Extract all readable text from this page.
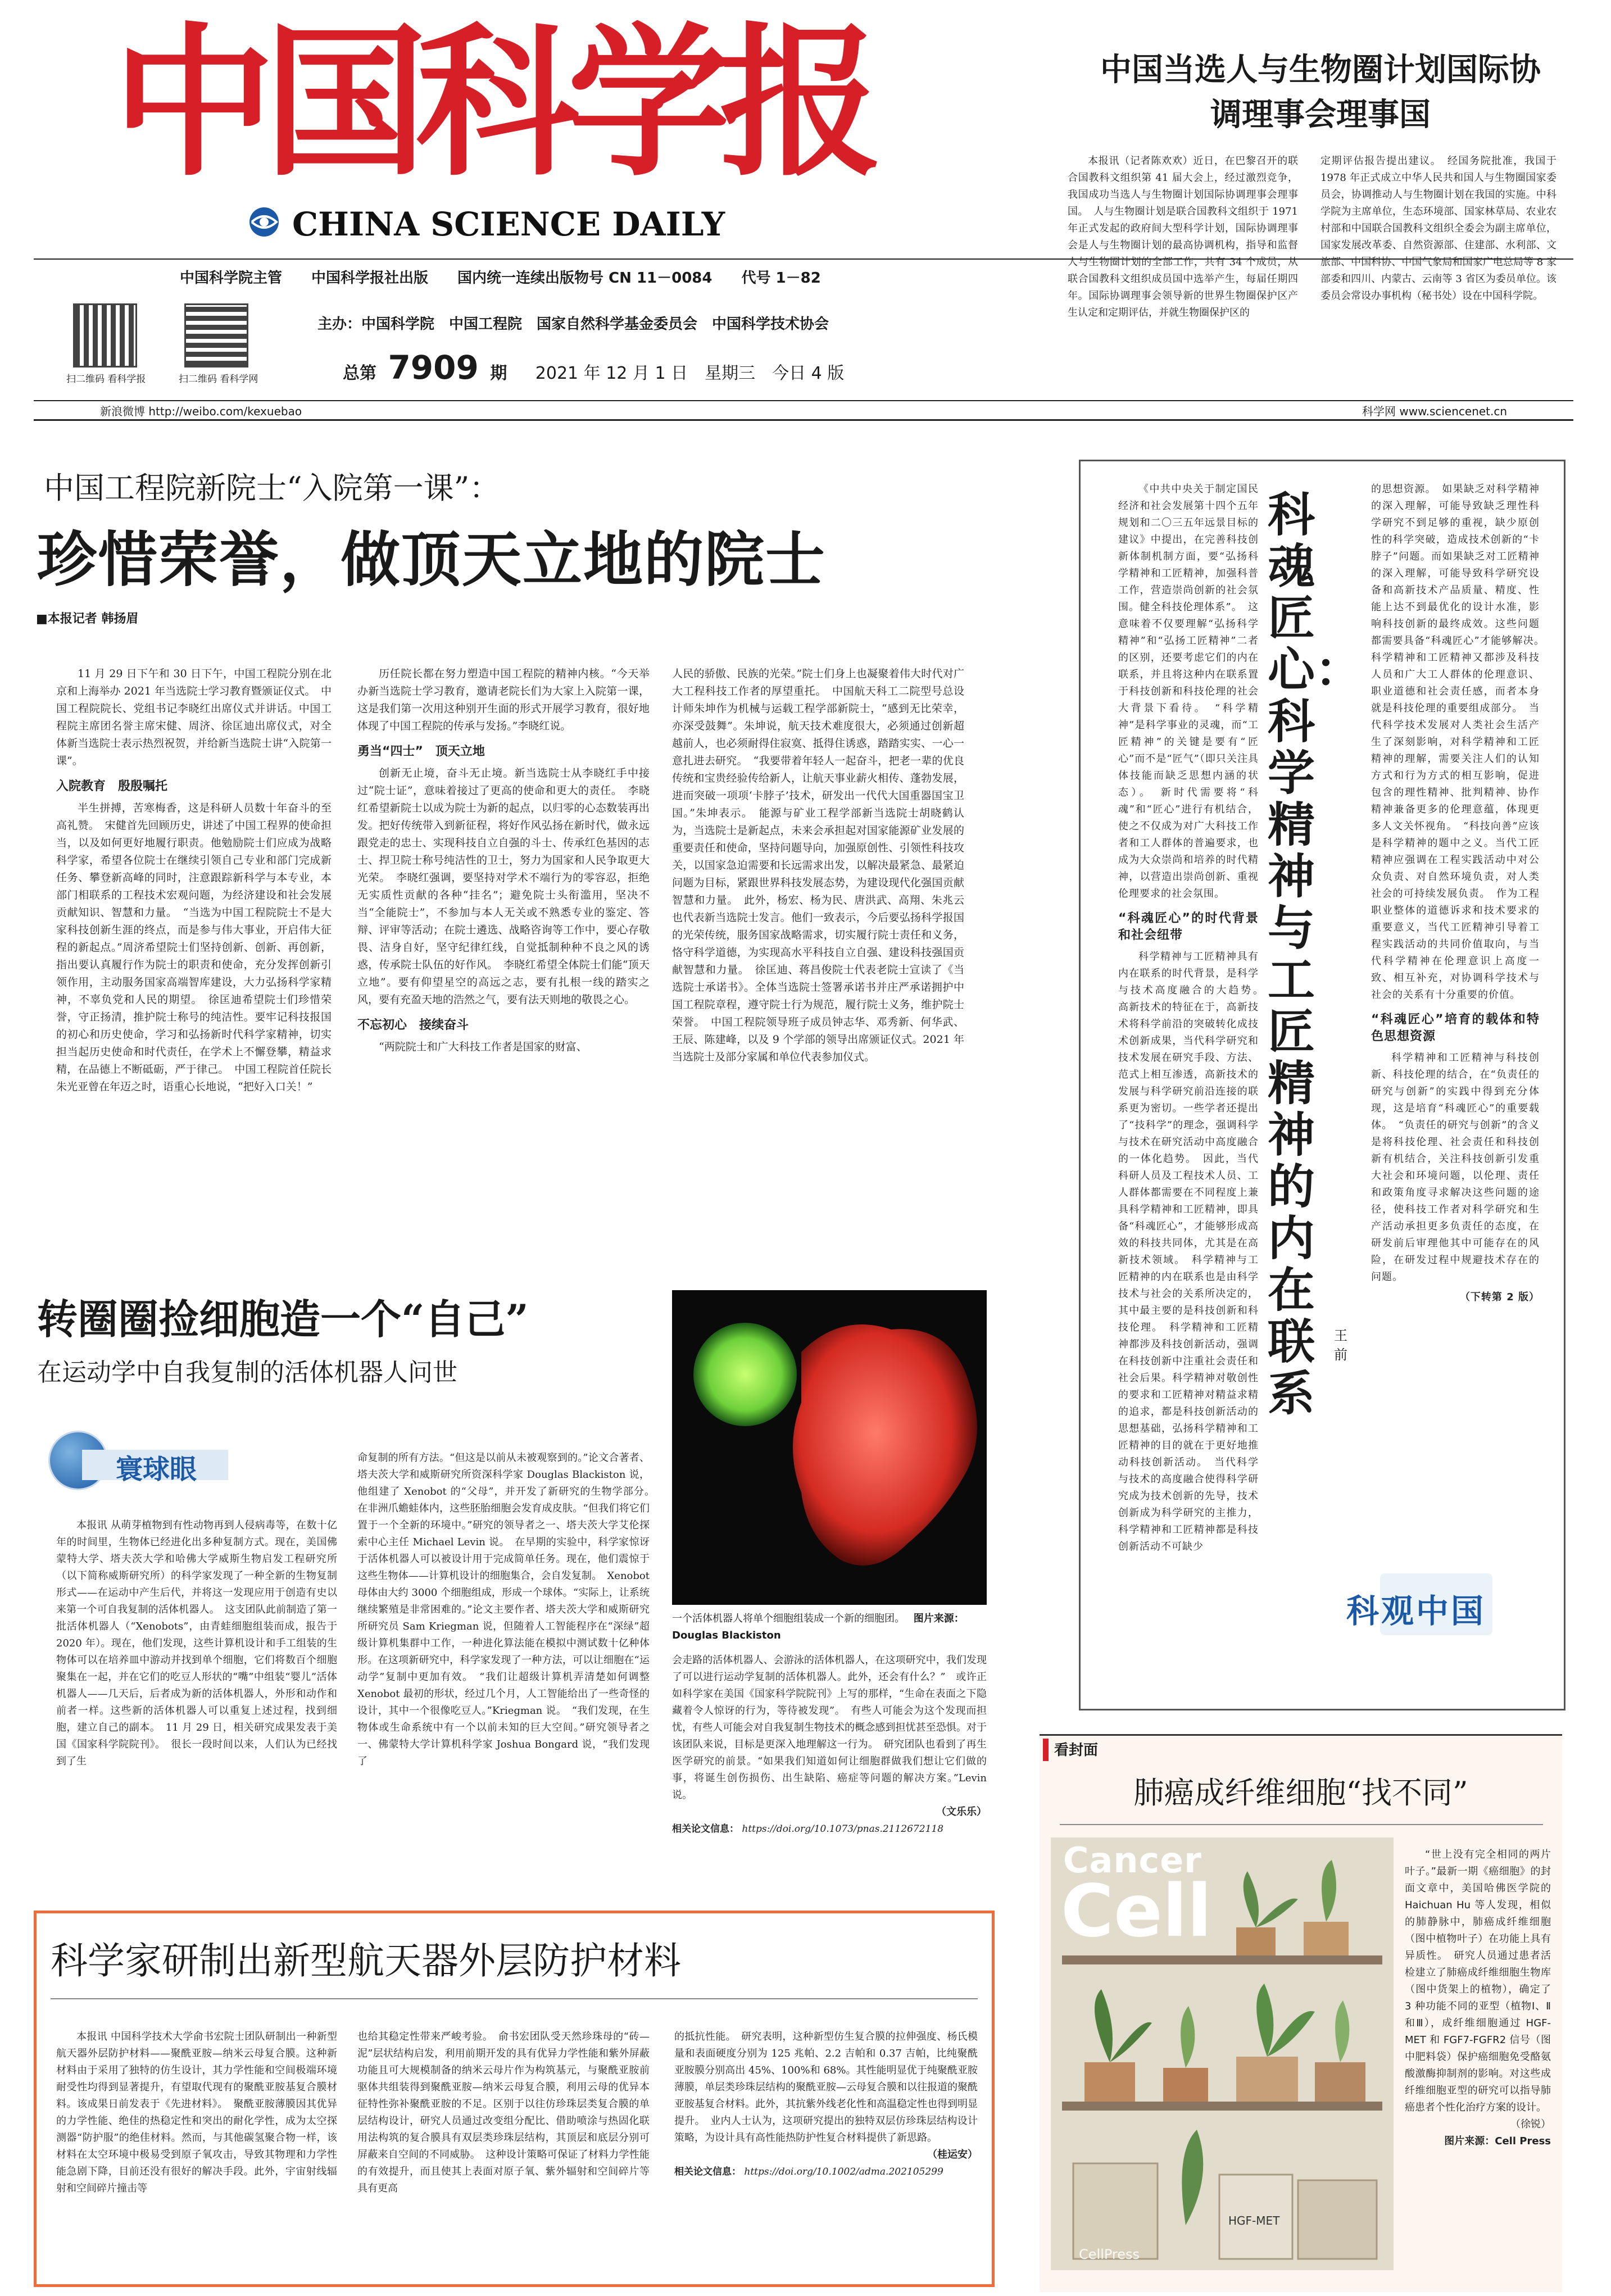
中国科学报
CHINA SCIENCE DAILY
中国科学院主管　　中国科学报社出版　　国内统一连续出版物号 CN 11－0084　　代号 1－82
扫二维码 看科学报	扫二维码 看科学网
主办：中国科学院　中国工程院　国家自然科学基金委员会　中国科学技术协会
总第 7909 期 2021 年 12 月 1 日　星期三　今日 4 版
新浪微博 http://weibo.com/kexuebao	科学网 www.sciencenet.cn
中国当选人与生物圈计划国际协调理事会理事国

本报讯（记者陈欢欢）近日，在巴黎召开的联合国教科文组织第 41 届大会上，经过激烈竞争，我国成功当选人与生物圈计划国际协调理事会理事国。　人与生物圈计划是联合国教科文组织于 1971 年正式发起的政府间大型科学计划，国际协调理事会是人与生物圈计划的最高协调机构，指导和监督人与生物圈计划的全部工作，共有 34 个成员，从联合国教科文组织成员国中选举产生，每届任期四年。国际协调理事会领导新的世界生物圈保护区产生认定和定期评估，并就生物圈保护区的

定期评估报告提出建议。　经国务院批准，我国于 1978 年正式成立中华人民共和国人与生物圈国家委员会，协调推动人与生物圈计划在我国的实施。中科学院为主席单位，生态环境部、国家林草局、农业农村部和中国联合国教科文组织全委会为副主席单位，国家发展改革委、自然资源部、住建部、水利部、文旅部、中国科协、中国气象局和国家广电总局等 8 家部委和四川、内蒙古、云南等 3 省区为委员单位。该委员会常设办事机构（秘书处）设在中国科学院。

中国工程院新院士“入院第一课”：
珍惜荣誉，做顶天立地的院士
■本报记者 韩扬眉

11 月 29 日下午和 30 日下午，中国工程院分别在北京和上海举办 2021 年当选院士学习教育暨颁证仪式。　中国工程院院长、党组书记李晓红出席仪式并讲话。中国工程院主席团名誉主席宋健、周济、徐匡迪出席仪式，对全体新当选院士表示热烈祝贺，并给新当选院士讲“入院第一课”。

入院教育　殷殷嘱托

半生拼搏，苦寒梅香，这是科研人员数十年奋斗的至高礼赞。　宋健首先回顾历史，讲述了中国工程界的使命担当，以及如何更好地履行职责。他勉励院士们应成为战略科学家，希望各位院士在继续引领自己专业和部门完成新任务、攀登新高峰的同时，注意跟踪新科学与本专业，本部门相联系的工程技术宏观问题，为经济建设和社会发展贡献知识、智慧和力量。　“当选为中国工程院院士不是大家科技创新生涯的终点，而是参与伟大事业，开启伟大征程的新起点。”周济希望院士们坚持创新、创新、再创新，指出要认真履行作为院士的职责和使命，充分发挥创新引领作用，主动服务国家高端智库建设，大力弘扬科学家精神，不辜负党和人民的期望。　徐匡迪希望院士们珍惜荣誉，守正扬清，推护院士称号的纯洁性。要牢记科技报国的初心和历史使命，学习和弘扬新时代科学家精神，切实担当起历史使命和时代责任，在学术上不懈登攀，精益求精，在品德上不断砥砺，严于律己。　中国工程院首任院长朱光亚曾在年迈之时，语重心长地说，“把好入口关！”

历任院长都在努力塑造中国工程院的精神内核。“今天举办新当选院士学习教育，邀请老院长们为大家上入院第一课，这是我们第一次用这种别开生面的形式开展学习教育，很好地体现了中国工程院的传承与发扬。”李晓红说。

勇当“四士”　顶天立地

创新无止境，奋斗无止境。新当选院士从李晓红手中接过“院士证”，意味着接过了更高的使命和更大的责任。　李晓红希望新院士以成为院士为新的起点，以归零的心态数装再出发。把好传统带入到新征程，将好作风弘扬在新时代，做永远跟党走的忠士、实现科技自立自强的斗士、传承红色基因的志士、捍卫院士称号纯洁性的卫士，努力为国家和人民争取更大光荣。　李晓红强调，要坚持对学术不端行为的零容忍，拒绝无实质性贡献的各种“挂名”；避免院士头衔滥用，坚决不当“全能院士”，不参加与本人无关或不熟悉专业的鉴定、答辩、评审等活动；在院士遴选、战略咨询等工作中，要心存敬畏、洁身自好，坚守纪律红线，自觉抵制种种不良之风的诱惑，传承院士队伍的好作风。　李晓红希望全体院士们能“顶天立地”。要有仰望星空的高远之志，要有扎根一线的踏实之风，要有充盈天地的浩然之气，要有法天则地的敬畏之心。

不忘初心　接续奋斗

“两院院士和广大科技工作者是国家的财富、

人民的骄傲、民族的光荣。”院士们身上也凝聚着伟大时代对广大工程科技工作者的厚望重托。　中国航天科工二院型号总设计师朱坤作为机械与运载工程学部新院士，“感到无比荣幸，亦深受鼓舞”。朱坤说，航天技术难度很大，必须通过创新超越前人，也必须耐得住寂寞、抵得住诱惑，踏踏实实、一心一意扎进去研究。　“我要带着年轻人一起奋斗，把老一辈的优良传统和宝贵经验传给新人，让航天事业薪火相传、蓬勃发展，进而突破一项项‘卡脖子’技术，研发出一代代大国重器国宝卫国。”朱坤表示。　能源与矿业工程学部新当选院士胡晓鹤认为，当选院士是新起点，未来会承担起对国家能源矿业发展的重要责任和使命，坚持问题导向，加强原创性、引领性科技攻关，以国家急迫需要和长远需求出发，以解决最紧急、最紧迫问题为目标，紧跟世界科技发展态势，为建设现代化强国贡献智慧和力量。　此外，杨宏、杨为民、唐洪武、高翔、朱兆云也代表新当选院士发言。他们一致表示，今后要弘扬科学报国的光荣传统，服务国家战略需求，切实履行院士责任和义务，恪守科学道德，为实现高水平科技自立自强、建设科技强国贡献智慧和力量。　徐匡迪、蒋昌俊院士代表老院士宣读了《当选院士承诺书》。全体当选院士签署承诺书并庄严承诺拥护中国工程院章程，遵守院士行为规范，履行院士义务，维护院士荣誉。　中国工程院领导班子成员钟志华、邓秀新、何华武、王辰、陈建峰，以及 9 个学部的领导出席颁证仪式。2021 年当选院士及部分家属和单位代表参加仪式。

科魂匠心：科学精神与工匠精神的内在联系
王前

《中共中央关于制定国民经济和社会发展第十四个五年规划和二〇三五年远景目标的建议》中提出，在完善科技创新体制机制方面，要“弘扬科学精神和工匠精神，加强科普工作，营造崇尚创新的社会氛围。健全科技伦理体系”。　这意味着不仅要理解“弘扬科学精神”和“弘扬工匠精神”二者的区别，还要考虑它们的内在联系，并且将这种内在联系置于科技创新和科技伦理的社会大背景下看待。　“科学精神”是科学事业的灵魂，而“工匠精神”的关键是要有“匠心”而不是“匠气”（即只关注具体技能而缺乏思想内涵的状态）。　新时代需要将“科魂”和“匠心”进行有机结合，使之不仅成为对广大科技工作者和工人群体的普遍要求，也成为大众崇尚和培养的时代精神，以营造出崇尚创新、重视伦理要求的社会氛围。

“科魂匠心”的时代背景和社会纽带

科学精神与工匠精神具有内在联系的时代背景，是科学与技术高度融合的大趋势。　高新技术的特征在于，高新技术将科学前沿的突破转化成技术创新成果，当代科学研究和技术发展在研究手段、方法、范式上相互渗透，高新技术的发展与科学研究前沿连接的联系更为密切。一些学者还提出了“技科学”的理念，强调科学与技术在研究活动中高度融合的一体化趋势。　因此，当代科研人员及工程技术人员、工人群体都需要在不同程度上兼具科学精神和工匠精神，即具备“科魂匠心”，才能够形成高效的科技共同体，尤其是在高新技术领域。　科学精神与工匠精神的内在联系也是由科学技术与社会的关系所决定的，其中最主要的是科技创新和科技伦理。　科学精神和工匠精神都涉及科技创新活动，强调在科技创新中注重社会责任和社会后果。科学精神对敬创性的要求和工匠精神对精益求精的追求，都是科技创新活动的思想基础，弘扬科学精神和工匠精神的目的就在于更好地推动科技创新活动。　当代科学与技术的高度融合使得科学研究成为技术创新的先导，技术创新成为科学研究的主推力，科学精神和工匠精神都是科技创新活动不可缺少

的思想资源。　如果缺乏对科学精神的深入理解，可能导致缺乏理性科学研究不到足够的重视，缺少原创性的科学突破，造成技术创新的“卡脖子”问题。而如果缺乏对工匠精神的深入理解，可能导致科学研究设备和高新技术产品质量、精度、性能上达不到最优化的设计水准，影响科技创新的最终成效。这些问题都需要具备“科魂匠心”才能够解决。　科学精神和工匠精神又都涉及科技人员和广大工人群体的伦理意识、职业道德和社会责任感，而者本身就是科技伦理的重要组成部分。　当代科学技术发展对人类社会生活产生了深刻影响，对科学精神和工匠精神的理解，需要关注人们的认知方式和行为方式的相互影响，促进包含的理性精神、批判精神、协作精神兼备更多的伦理意蕴，体现更多人文关怀视角。　“科技向善”应该是科学精神的题中之义。当代工匠精神应强调在工程实践活动中对公众负责、对自然环境负责，对人类社会的可持续发展负责。　作为工程职业整体的道德诉求和技术要求的重要意义，当代工匠精神引导着工程实践活动的共同价值取向，与当代科学精神在伦理意识上高度一致、相互补充，对协调科学技术与社会的关系有十分重要的价值。

“科魂匠心”培育的载体和特色思想资源

科学精神和工匠精神与科技创新、科技伦理的结合，在“负责任的研究与创新”的实践中得到充分体现，这是培育“科魂匠心”的重要载体。　“负责任的研究与创新”的含义是将科技伦理、社会责任和科技创新有机结合，关注科技创新引发重大社会和环境问题，以伦理、责任和政策角度寻求解决这些问题的途径，使科技工作者对科学研究和生产活动承担更多负责任的态度，在研发前后审理他其中可能存在的风险，在研发过程中规避技术存在的问题。

（下转第 2 版）
科观中国
转圈圈捡细胞造一个“自己”
在运动学中自我复制的活体机器人问世
寰球眼

本报讯 从萌芽植物到有性动物再到人侵病毒等，在数十亿年的时间里，生物体已经进化出多种复制方式。现在，美国佛蒙特大学、塔夫茨大学和哈佛大学威斯生物启发工程研究所（以下简称威斯研究所）的科学家发现了一种全新的生物复制形式——在运动中产生后代，并将这一发现应用于创造有史以来第一个可自我复制的活体机器人。　这支团队此前制造了第一批活体机器人（“Xenobots”，由青蛙细胞组装而成，报告于 2020 年）。现在，他们发现，这些计算机设计和手工组装的生物体可以在培养皿中游动并找到单个细胞，它们将数百个细胞聚集在一起，并在它们的吃豆人形状的“嘴”中组装“婴儿”活体机器人——几天后，后者成为新的活体机器人，外形和动作和前者一样。这些新的活体机器人可以重复上述过程，找到细胞，建立自己的副本。　11 月 29 日，相关研究成果发表于美国《国家科学院院刊》。　很长一段时间以来，人们认为已经找到了生

命复制的所有方法。“但这是以前从未被观察到的。”论文合著者、塔夫茨大学和威斯研究所资深科学家 Douglas Blackiston 说，他组建了 Xenobot 的“父母”，并开发了新研究的生物学部分。　在非洲爪蟾蛙体内，这些胚胎细胞会发育成皮肤。“但我们将它们置于一个全新的环境中。”研究的领导者之一、塔夫茨大学艾伦探索中心主任 Michael Levin 说。　在早期的实验中，科学家惊讶于活体机器人可以被设计用于完成简单任务。现在，他们震惊于这些生物体——计算机设计的细胞集合，会自发复制。　Xenobot 母体由大约 3000 个细胞组成，形成一个球体。“实际上，让系统继续繁殖是非常困难的。”论文主要作者、塔夫茨大学和威斯研究所研究员 Sam Kriegman 说，但随着人工智能程序在“深绿”超级计算机集群中工作，一种进化算法能在模拟中测试数十亿种体形。在这项新研究中，科学家发现了一种方法，可以让细胞在“运动学”复制中更加有效。　“我们让超级计算机弄清楚如何调整 Xenobot 最初的形状，经过几个月，人工智能给出了一些奇怪的设计，其中一个很像吃豆人。”Kriegman 说。　“我们发现，在生物体或生命系统中有一个以前未知的巨大空间。”研究领导者之一、佛蒙特大学计算机科学家 Joshua Bongard 说，“我们发现了

一个活体机器人将单个细胞组装成一个新的细胞团。 图片来源：Douglas Blackiston

会走路的活体机器人、会游泳的活体机器人，在这项研究中，我们发现了可以进行运动学复制的活体机器人。此外，还会有什么？”　或许正如科学家在美国《国家科学院院刊》上写的那样，“生命在表面之下隐藏着令人惊讶的行为，等待被发现”。　有些人可能会为这个发现而担忧，有些人可能会对自我复制生物技术的概念感到担忧甚至恐惧。对于该团队来说，目标是更深入地理解这一行为。　研究团队也看到了再生医学研究的前景。“如果我们知道如何让细胞群做我们想让它们做的事，将诞生创伤损伤、出生缺陷、癌症等问题的解决方案。”Levin 说。

（文乐乐）
相关论文信息： https://doi.org/10.1073/pnas.2112672118
科学家研制出新型航天器外层防护材料

本报讯 中国科学技术大学俞书宏院士团队研制出一种新型航天器外层防护材料——聚酰亚胺—纳米云母复合膜。这种新材料由于采用了独特的仿生设计，其力学性能和空间极端环境耐受性均得到显著提升，有望取代现有的聚酰亚胺基复合膜材料。该成果日前发表于《先进材料》。　聚酰亚胺薄膜因其优异的力学性能、绝佳的热稳定性和突出的耐化学性，成为太空探测器“防护服”的绝佳材料。然而，与其他碳氢聚合物一样，该材料在太空环境中极易受到原子氧攻击，导致其物理和力学性能急剧下降，目前还没有很好的解决手段。此外，宇宙射线辐射和空间碎片撞击等

也给其稳定性带来严峻考验。　俞书宏团队受天然珍珠母的“砖—泥”层状结构启发，利用前期开发的具有优异力学性能和紫外屏蔽功能且可大规模制备的纳米云母片作为构筑基元，与聚酰亚胺前驱体共组装得到聚酰亚胺—纳米云母复合膜，利用云母的优异本征特性弥补聚酰亚胺的不足。区别于以往仿珍珠层类复合膜的单层结构设计，研究人员通过改变组分配比、借助喷涂与热固化联用法构筑的复合膜具有双层类珍珠层结构，其顶层和底层分别可屏蔽来自空间的不同威胁。　这种设计策略可保证了材料力学性能的有效提升，而且使其上表面对原子氧、紫外辐射和空间碎片等具有更高

的抵抗性能。　研究表明，这种新型仿生复合膜的拉伸强度、杨氏模量和表面硬度分别为 125 兆帕、2.2 吉帕和 0.37 吉帕，比纯聚酰亚胺膜分别高出 45%、100%和 68%。其性能明显优于纯聚酰亚胺薄膜，单层类珍珠层结构的聚酰亚胺—云母复合膜和以往报道的聚酰亚胺基复合材料。此外，其抗紫外线老化性和高温稳定性也得到明显提升。　业内人士认为，这项研究提出的独特双层仿珍珠层结构设计策略，为设计具有高性能热防护性复合材料提供了新思路。

（桂运安）
相关论文信息： https://doi.org/10.1002/adma.202105299
看封面
肺癌成纤维细胞“找不同”
Cancer
Cell
HGF-MET
CellPress

“世上没有完全相同的两片叶子。”最新一期《癌细胞》的封面文章中，美国哈佛医学院的 Haichuan Hu 等人发现，相似的肺静脉中，肺癌成纤维细胞（图中植物叶子）在功能上具有异质性。　研究人员通过患者活检建立了肺癌成纤维细胞生物库（图中货架上的植物），确定了 3 种功能不同的亚型（植物Ⅰ、Ⅱ和Ⅲ），成纤维细胞通过 HGF-MET 和 FGF7-FGFR2 信号（图中肥料袋）保护癌细胞免受酪氨酸激酶抑制剂的影响。对这些成纤维细胞亚型的研究可以指导肺癌患者个性化治疗方案的设计。

（徐锐）
图片来源：Cell Press
